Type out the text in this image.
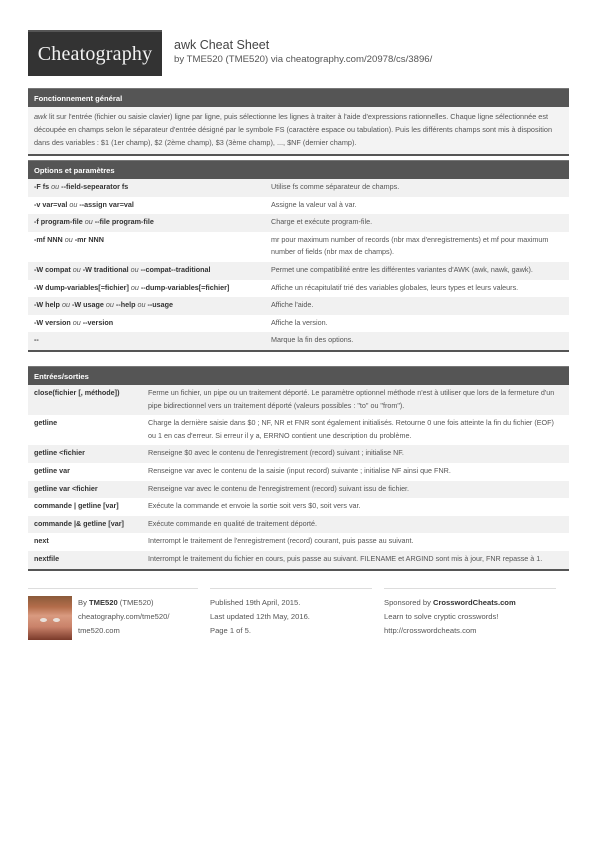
Cheatography	awk Cheat Sheet
by TME520 (TME520) via cheatography.com/20978/cs/3896/
Fonctionnement général
awk lit sur l'entrée (fichier ou saisie clavier) ligne par ligne, puis sélectionne les lignes à traiter à l'aide d'expressions rationnelles. Chaque ligne sélectionnée est découpée en champs selon le séparateur d'entrée désigné par le symbole FS (caractère espace ou tabulation). Puis les différents champs sont mis à disposition dans des variables : $1 (1er champ), $2 (2ème champ), $3 (3ème champ), ..., $NF (dernier champ).
Options et paramètres
-F fs ou --field-sepearator fs	Utilise fs comme séparateur de champs.
-v var=val ou --assign var=val	Assigne la valeur val à var.
-f program-file ou --file program-file	Charge et exécute program-file.
-mf NNN ou -mr NNN	mr pour maximum number of records (nbr max d'enregistrements) et mf pour maximum number of fields (nbr max de champs).
-W compat ou -W traditional ou --compat--traditional	Permet une compatibilité entre les différentes variantes d'AWK (awk, nawk, gawk).
-W dump-variables[=fichier] ou --dump-variables[=fichier]	Affiche un récapitulatif trié des variables globales, leurs types et leurs valeurs.
-W help ou -W usage ou --help ou --usage	Affiche l'aide.
-W version ou --version	Affiche la version.
--	Marque la fin des options.
Entrées/sorties
close(fichier [, méthode])	Ferme un fichier, un pipe ou un traitement déporté. Le paramètre optionnel méthode n'est à utiliser que lors de la fermeture d'un pipe bidirectionnel vers un traitement déporté (valeurs possibles : "to" ou "from").
getline	Charge la dernière saisie dans $0 ; NF, NR et FNR sont également initialisés. Retourne 0 une fois atteinte la fin du fichier (EOF) ou 1 en cas d'erreur. Si erreur il y a, ERRNO contient une description du problème.
getline <fichier	Renseigne $0 avec le contenu de l'enregistrement (record) suivant ; initialise NF.
getline var	Renseigne var avec le contenu de la saisie (input record) suivante ; initialise NF ainsi que FNR.
getline var <fichier	Renseigne var avec le contenu de l'enregistrement (record) suivant issu de fichier.
commande | getline [var]	Exécute la commande et envoie la sortie soit vers $0, soit vers var.
commande |& getline [var]	Exécute commande en qualité de traitement déporté.
next	Interrompt le traitement de l'enregistrement (record) courant, puis passe au suivant.
nextfile	Interrompt le traitement du fichier en cours, puis passe au suivant. FILENAME et ARGIND sont mis à jour, FNR repasse à 1.
By TME520 (TME520)
cheatography.com/tme520/
tme520.com
Published 19th April, 2015.
Last updated 12th May, 2016.
Page 1 of 5.
Sponsored by CrosswordCheats.com
Learn to solve cryptic crosswords!
http://crosswordcheats.com
